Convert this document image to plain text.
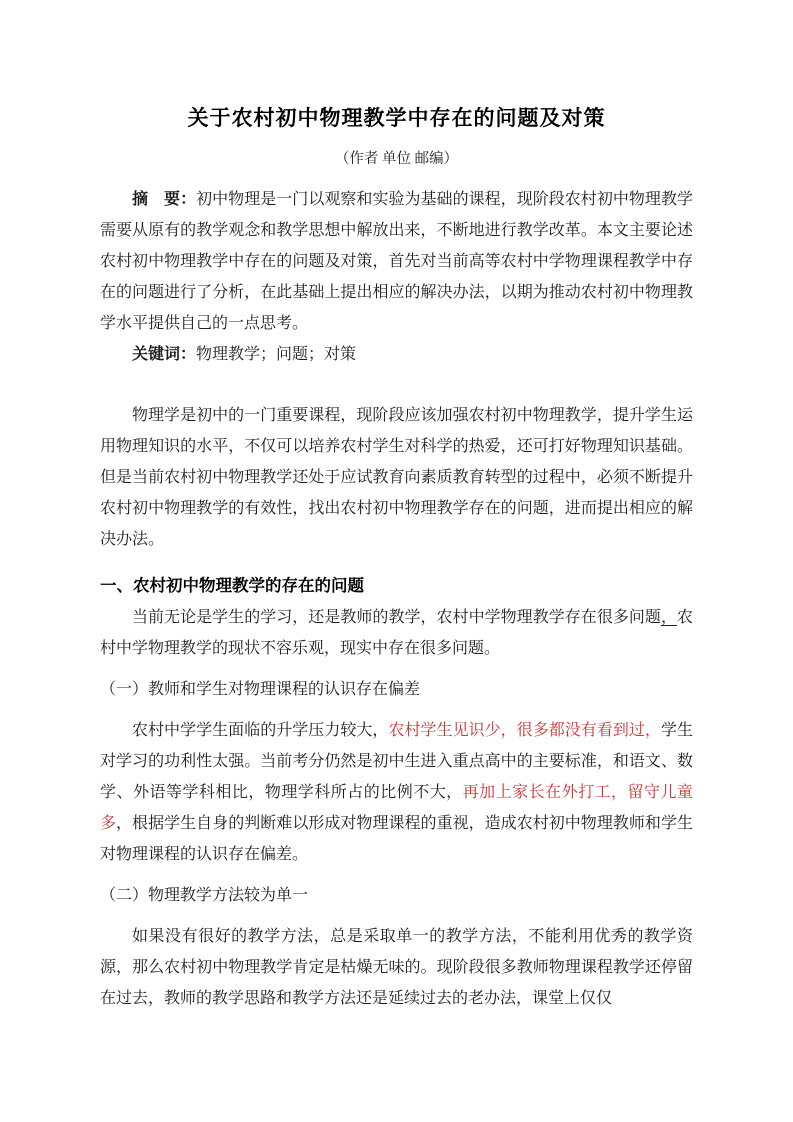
关于农村初中物理教学中存在的问题及对策

（作者 单位 邮编）

摘　要：初中物理是一门以观察和实验为基础的课程，现阶段农村初中物理教学需要从原有的教学观念和教学思想中解放出来，不断地进行教学改革。本文主要论述农村初中物理教学中存在的问题及对策，首先对当前高等农村中学物理课程教学中存在的问题进行了分析，在此基础上提出相应的解决办法，以期为推动农村初中物理教学水平提供自己的一点思考。

关键词：物理教学；问题；对策

物理学是初中的一门重要课程，现阶段应该加强农村初中物理教学，提升学生运用物理知识的水平，不仅可以培养农村学生对科学的热爱，还可打好物理知识基础。但是当前农村初中物理教学还处于应试教育向素质教育转型的过程中，必须不断提升农村初中物理教学的有效性，找出农村初中物理教学存在的问题，进而提出相应的解决办法。

一、农村初中物理教学的存在的问题

当前无论是学生的学习，还是教师的教学，农村中学物理教学存在很多问题，农村中学物理教学的现状不容乐观，现实中存在很多问题。

（一）教师和学生对物理课程的认识存在偏差

农村中学学生面临的升学压力较大，农村学生见识少，很多都没有看到过，学生对学习的功利性太强。当前考分仍然是初中生进入重点高中的主要标准，和语文、数学、外语等学科相比，物理学科所占的比例不大，再加上家长在外打工，留守儿童多，根据学生自身的判断难以形成对物理课程的重视，造成农村初中物理教师和学生对物理课程的认识存在偏差。

（二）物理教学方法较为单一

如果没有很好的教学方法，总是采取单一的教学方法，不能利用优秀的教学资源，那么农村初中物理教学肯定是枯燥无味的。现阶段很多教师物理课程教学还停留在过去，教师的教学思路和教学方法还是延续过去的老办法，课堂上仅仅
